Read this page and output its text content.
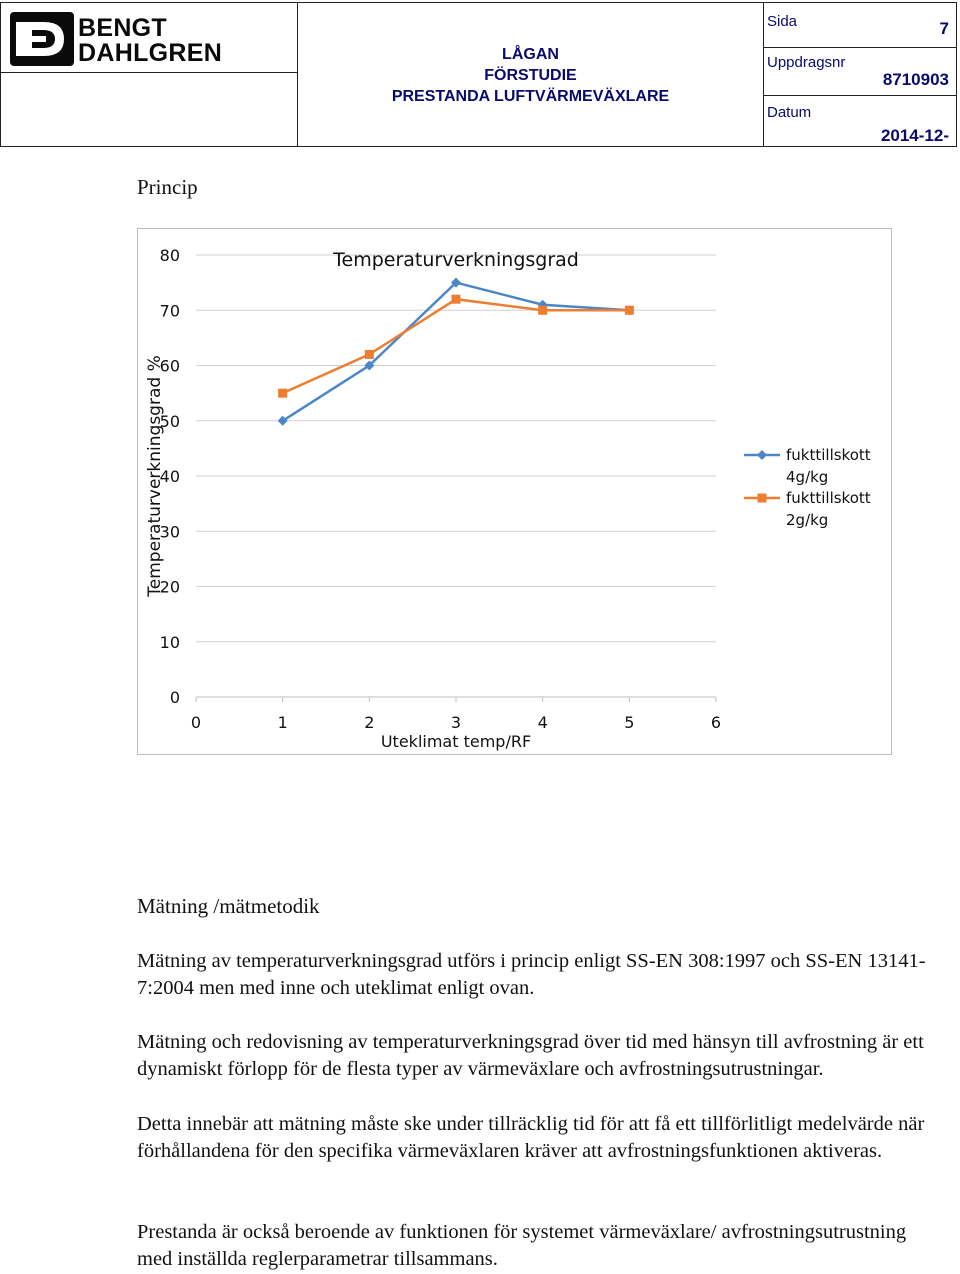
BENGT
DAHLGREN	LÅGAN
FÖRSTUDIE
PRESTANDA LUFTVÄRMEVÄXLARE
Sida	7
Uppdragsnr
8710903
Datum
2014-12-
Princip
0
10
20
30
40
50
60
70
80
0	1	2	3	4	5	6
Temperaturverkningsgrad
Uteklimat temp/RF
Temperaturverkningsgrad %	fukttillskott
4g/kg
fukttillskott
2g/kg
Mätning /mätmetodik

Mätning av temperaturverkningsgrad utförs i princip enligt SS-EN 308:1997 och SS-EN 13141-7:2004 men med inne och uteklimat enligt ovan.

Mätning och redovisning av temperaturverkningsgrad över tid med hänsyn till avfrostning är ett dynamiskt förlopp för de flesta typer av värmeväxlare och avfrostningsutrustningar.

Detta innebär att mätning måste ske under tillräcklig tid för att få ett tillförlitligt medelvärde när förhållandena för den specifika värmeväxlaren kräver att avfrostningsfunktionen aktiveras.

Prestanda är också beroende av funktionen för systemet värmeväxlare/ avfrostningsutrustning med inställda reglerparametrar tillsammans.
